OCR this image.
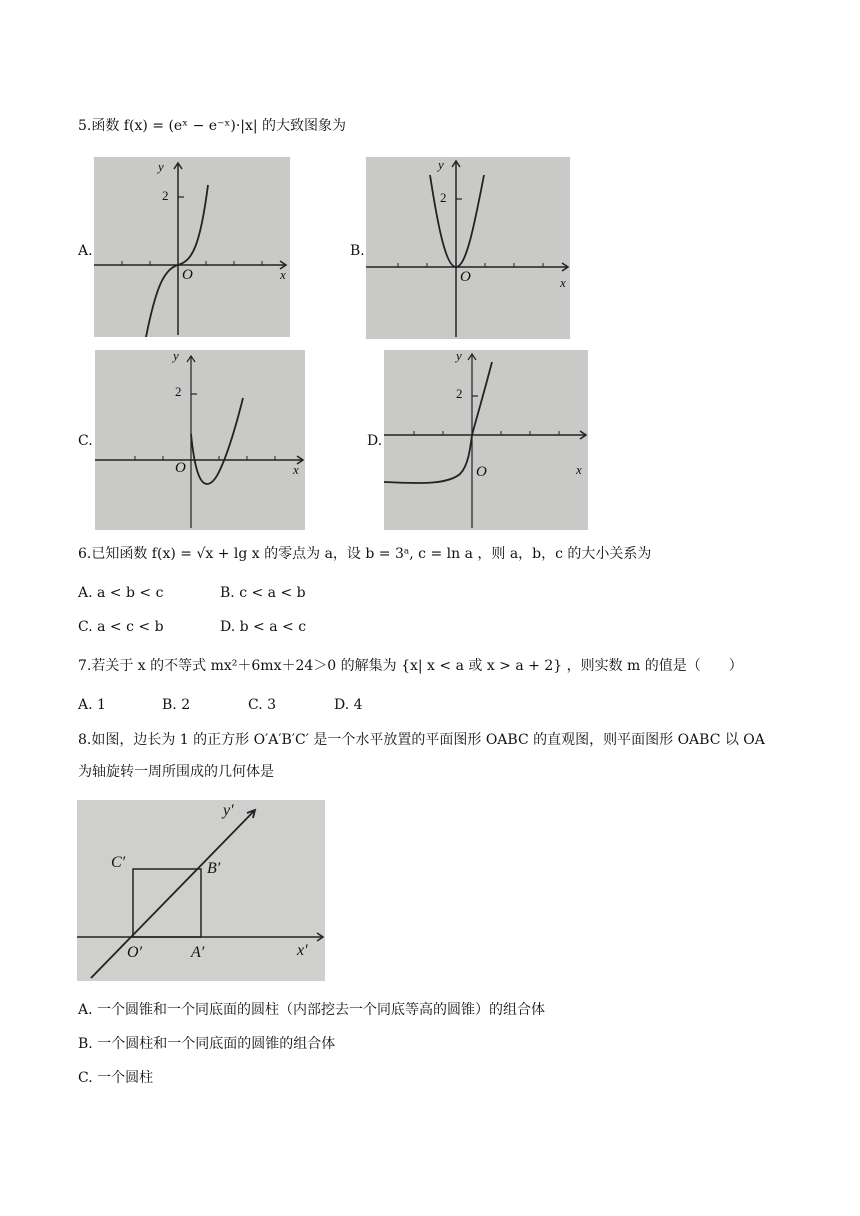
5.函数 f(x) = (eˣ − e⁻ˣ)·|x| 的大致图象为
A.
y
x
O
2
B.
y
x
O
2
C.
y
x
O
2
D.
y
x
O
2
6.已知函数 f(x) = √x + lg x 的零点为 a，设 b = 3ᵃ, c = ln a ，则 a，b，c 的大小关系为
A. a < b < c	B. c < a < b
C. a < c < b	D. b < a < c
7.若关于 x 的不等式 mx²＋6mx＋24＞0 的解集为 {x| x < a 或 x > a + 2} ，则实数 m 的值是（　　）
A. 1	B. 2	C. 3	D. 4
8.如图，边长为 1 的正方形 O′A′B′C′ 是一个水平放置的平面图形 OABC 的直观图，则平面图形 OABC 以 OA
为轴旋转一周所围成的几何体是
y′
x′
O′	A′
B′
C′
A. 一个圆锥和一个同底面的圆柱（内部挖去一个同底等高的圆锥）的组合体
B. 一个圆柱和一个同底面的圆锥的组合体
C. 一个圆柱
